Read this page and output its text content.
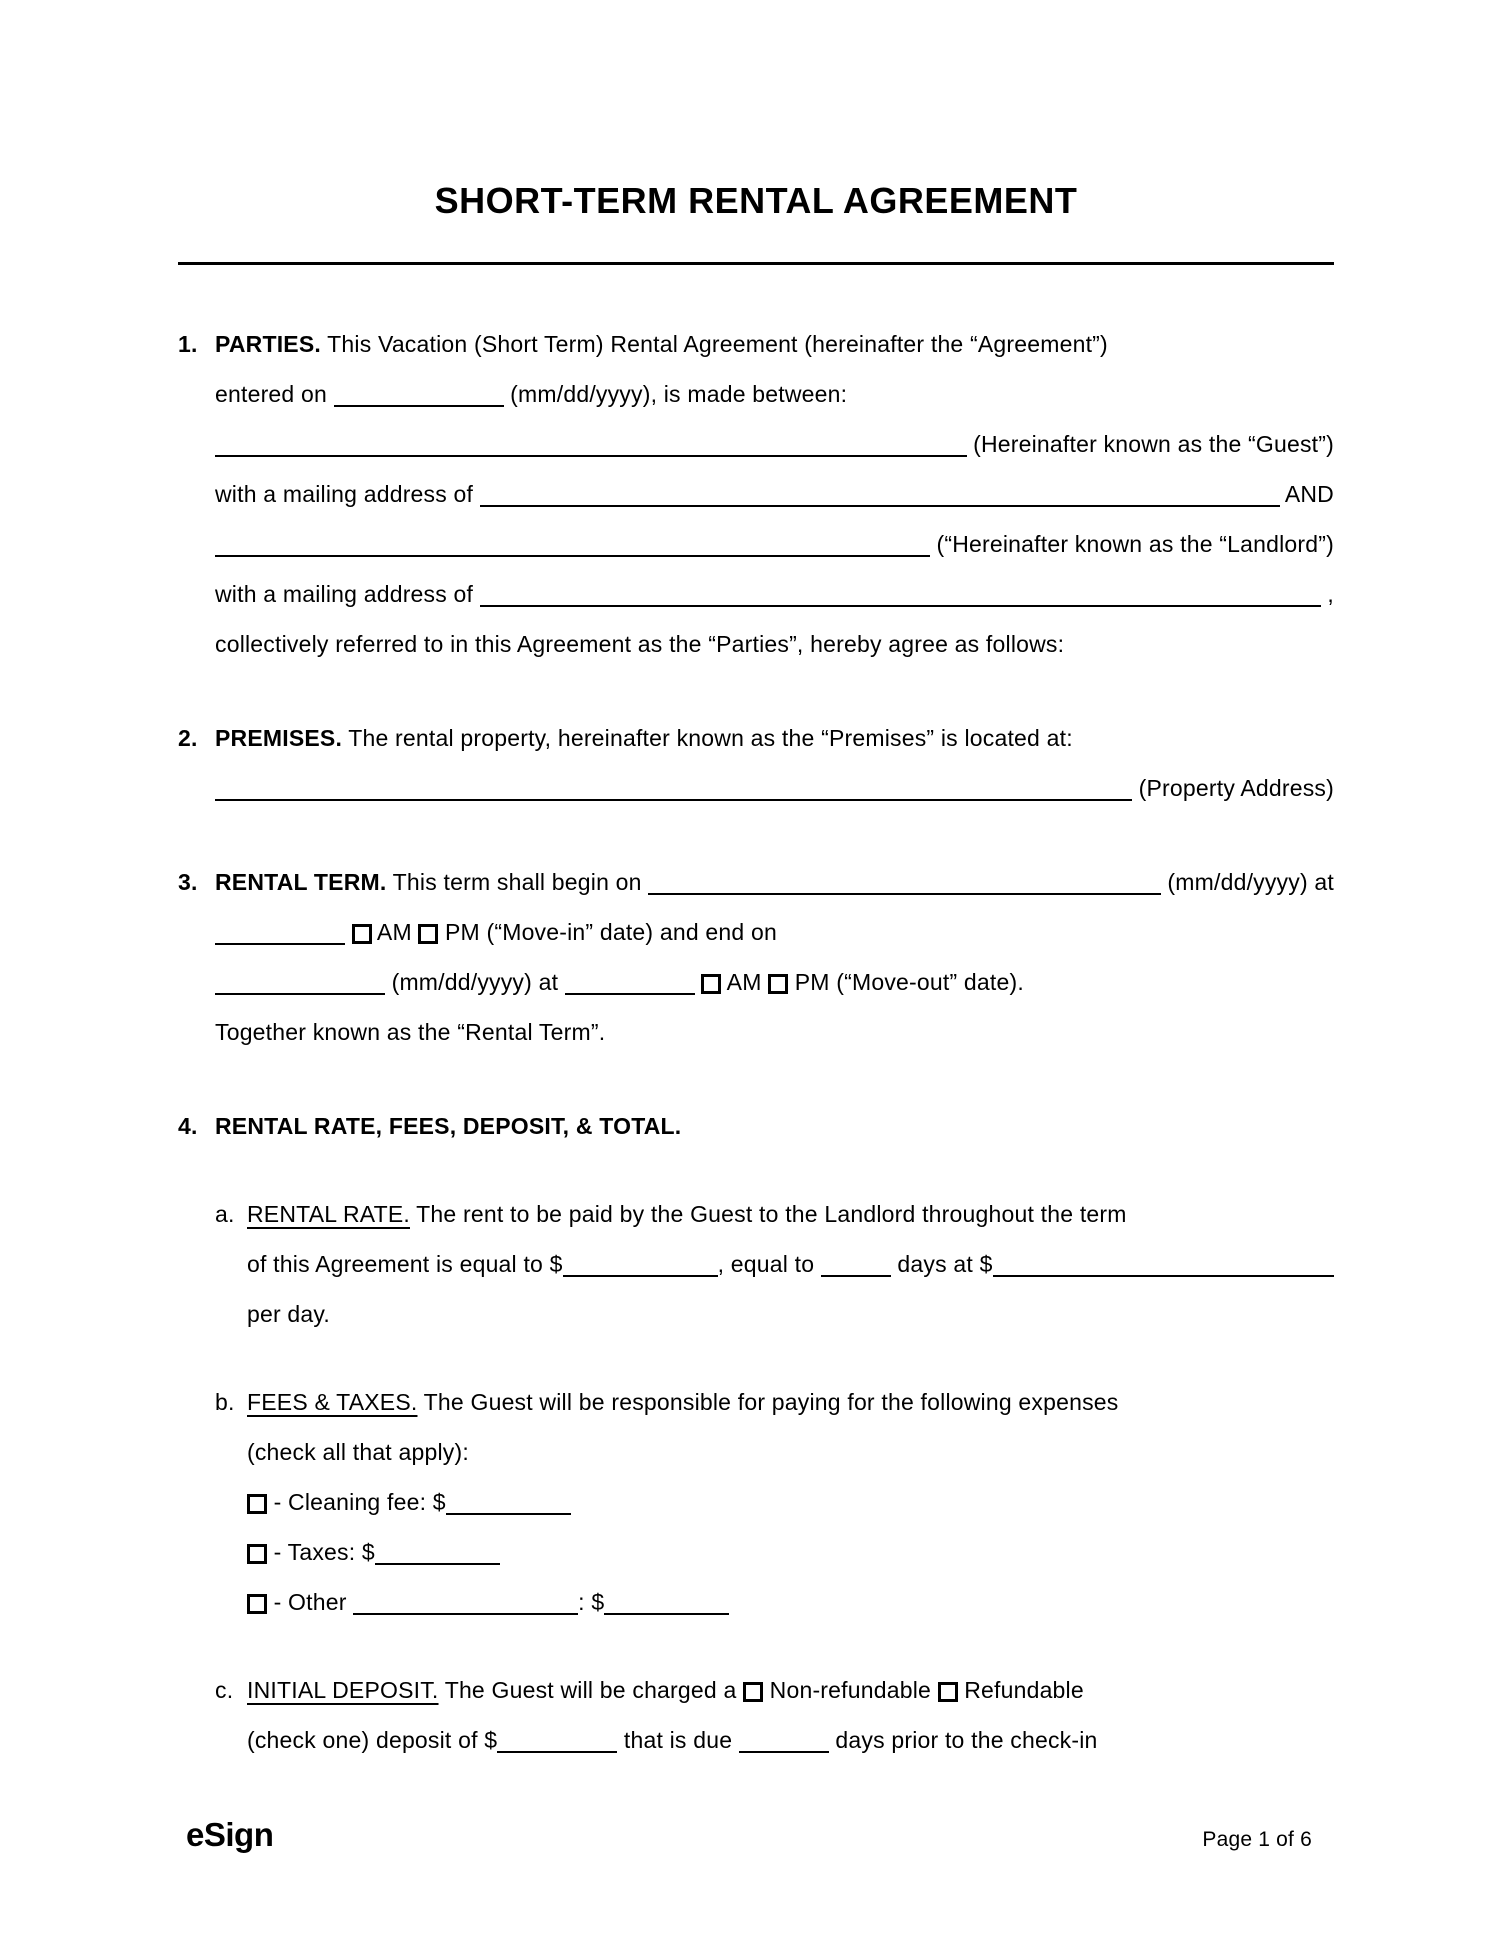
SHORT-TERM RENTAL AGREEMENT
1. PARTIES. This Vacation (Short Term) Rental Agreement (hereinafter the “Agreement”)
entered on	(mm/dd/yyyy), is made between:
(Hereinafter known as the “Guest”)
with a mailing address of	AND
(“Hereinafter known as the “Landlord”)
with a mailing address of	,
collectively referred to in this Agreement as the “Parties”, hereby agree as follows:
2. PREMISES. The rental property, hereinafter known as the “Premises” is located at:
(Property Address)
3. RENTAL TERM. This term shall begin on	(mm/dd/yyyy) at

AM PM (“Move-in” date) and end on
(mm/dd/yyyy) at
	AM PM (“Move-out” date).
Together known as the “Rental Term”.
4. RENTAL RATE, FEES, DEPOSIT, & TOTAL.
a. RENTAL RATE. The rent to be paid by the Guest to the Landlord throughout the term
of this Agreement is equal to $	, equal to	days at $
per day.
b. FEES & TAXES. The Guest will be responsible for paying for the following expenses
(check all that apply):
- Cleaning fee: $
- Taxes: $
- Other	: $
c. INITIAL DEPOSIT. The Guest will be charged a Non-refundable Refundable
(check one) deposit of $	that is due	days prior to the check-in
eSign	Page 1 of 6
